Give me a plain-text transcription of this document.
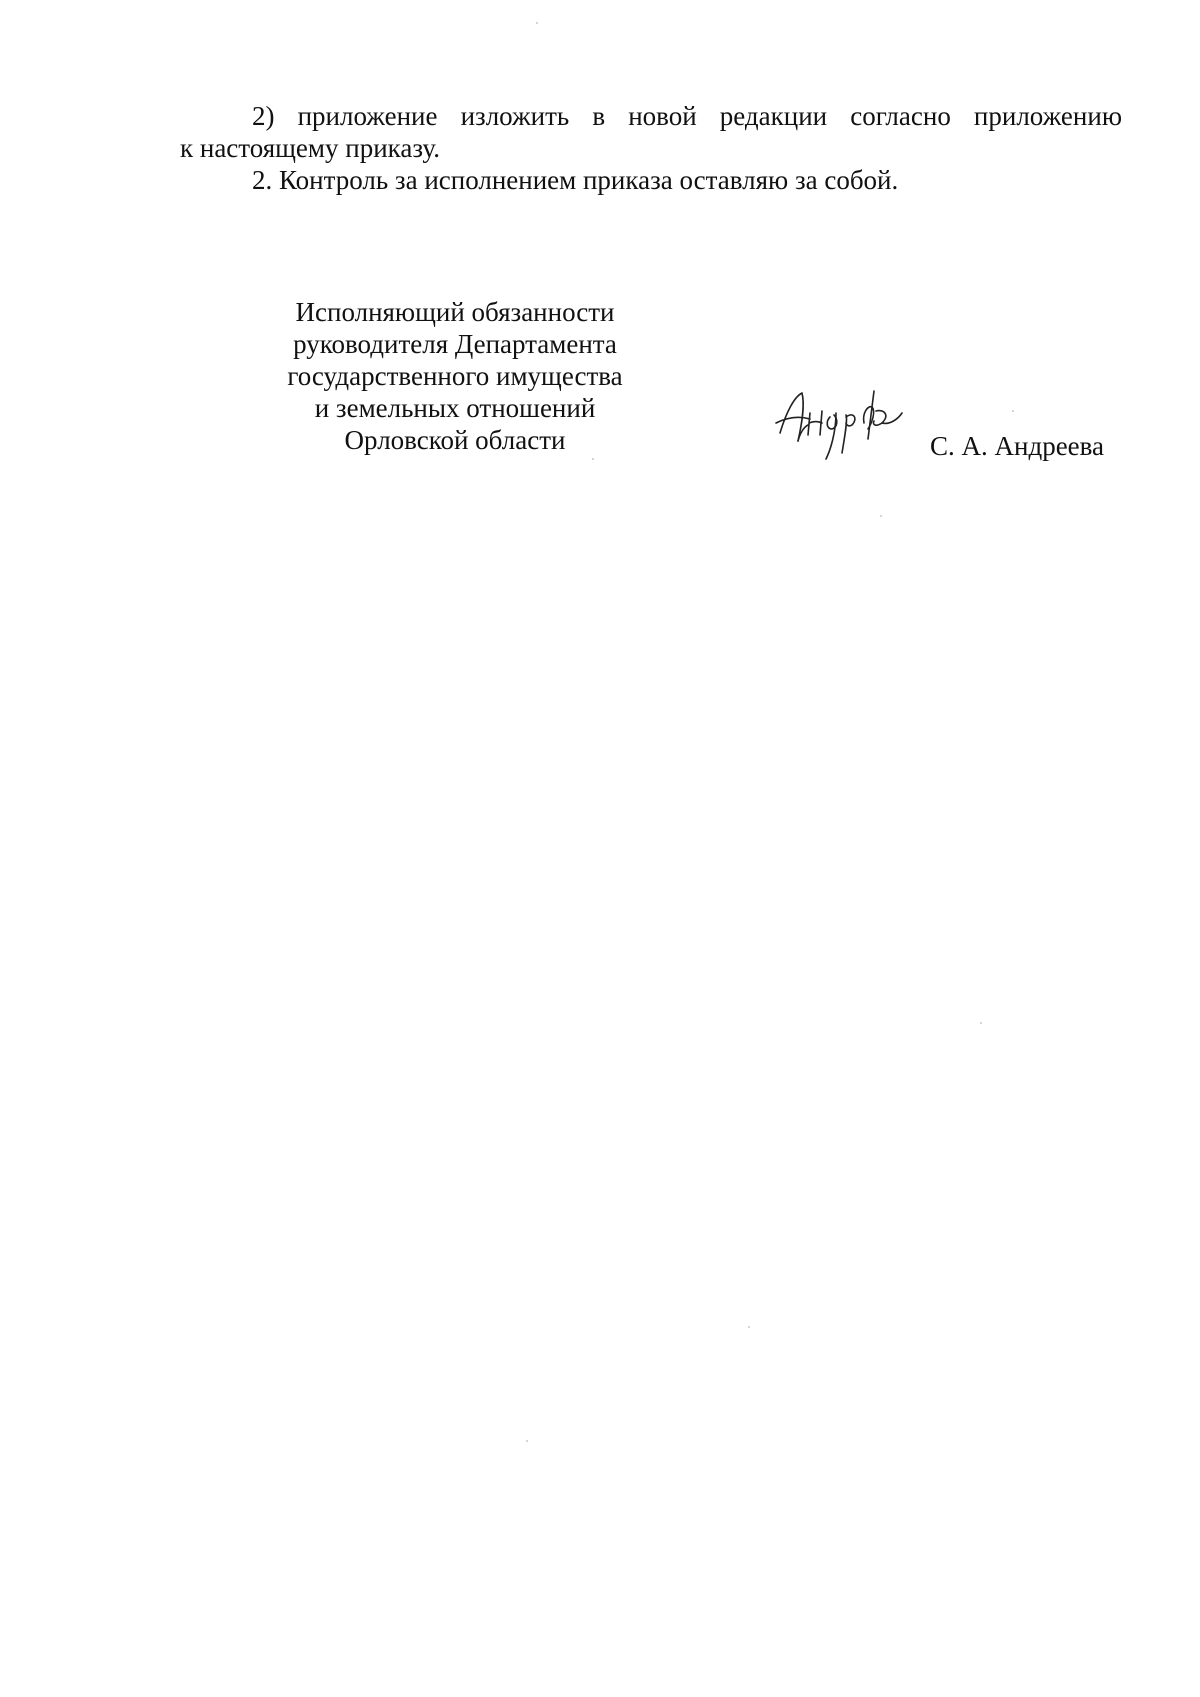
2) приложение изложить в новой редакции согласно приложению

к настоящему приказу.

2. Контроль за исполнением приказа оставляю за собой.

Исполняющий обязанности
руководителя Департамента
государственного имущества
и земельных отношений
Орловской области	С. А. Андреева
